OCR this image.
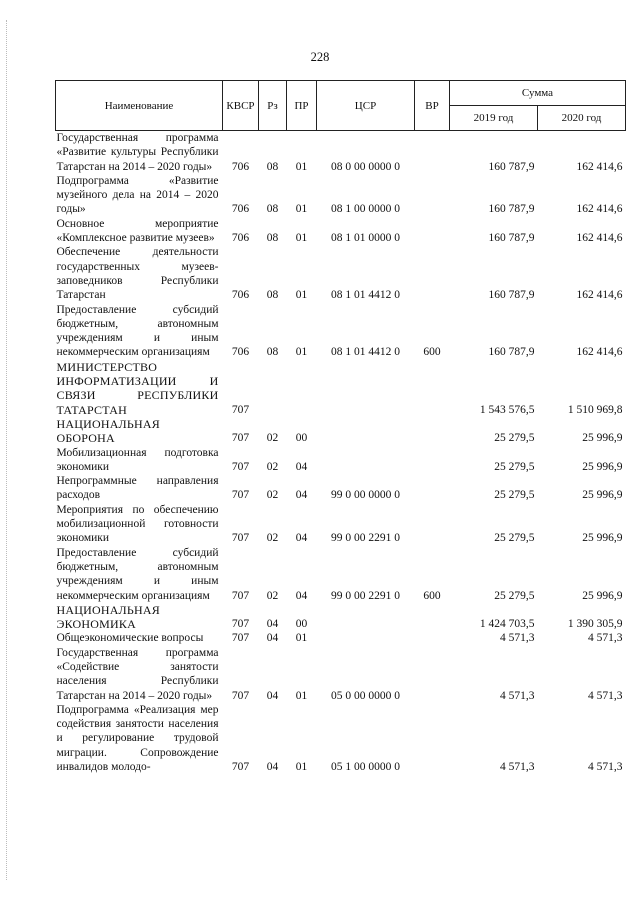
228
Наименование	КВСР	Рз	ПР	ЦСР	ВР	Сумма	
						2019 год	2020 год
Государственная программа «Развитие культуры Республики Татарстан на 2014 – 2020 годы»	706	08	01	08 0 00 0000 0		160 787,9	162 414,6
Подпрограмма «Развитие музейного дела на 2014 – 2020 годы»	706	08	01	08 1 00 0000 0		160 787,9	162 414,6
Основное мероприятие «Комплексное развитие музеев»	706	08	01	08 1 01 0000 0		160 787,9	162 414,6
Обеспечение деятельности государственных музеев-заповедников Республики Татарстан	706	08	01	08 1 01 4412 0		160 787,9	162 414,6
Предоставление субсидий бюджетным, автономным учреждениям и иным некоммерческим организациям	706	08	01	08 1 01 4412 0	600	160 787,9	162 414,6
МИНИСТЕРСТВО ИНФОРМАТИЗАЦИИ И СВЯЗИ РЕСПУБЛИКИ ТАТАРСТАН	707					1 543 576,5	1 510 969,8
НАЦИОНАЛЬНАЯ ОБОРОНА	707	02	00			25 279,5	25 996,9
Мобилизационная подготовка экономики	707	02	04			25 279,5	25 996,9
Непрограммные направления расходов	707	02	04	99 0 00 0000 0		25 279,5	25 996,9
Мероприятия по обеспечению мобилизационной готовности экономики	707	02	04	99 0 00 2291 0		25 279,5	25 996,9
Предоставление субсидий бюджетным, автономным учреждениям и иным некоммерческим организациям	707	02	04	99 0 00 2291 0	600	25 279,5	25 996,9
НАЦИОНАЛЬНАЯ ЭКОНОМИКА	707	04	00			1 424 703,5	1 390 305,9
Общеэкономические вопросы	707	04	01			4 571,3	4 571,3
Государственная программа «Содействие занятости населения Республики Татарстан на 2014 – 2020 годы»	707	04	01	05 0 00 0000 0		4 571,3	4 571,3
Подпрограмма «Реализация мер содействия занятости населения и регулирование трудовой миграции. Сопровождение инвалидов молодо-	707	04	01	05 1 00 0000 0		4 571,3	4 571,3
